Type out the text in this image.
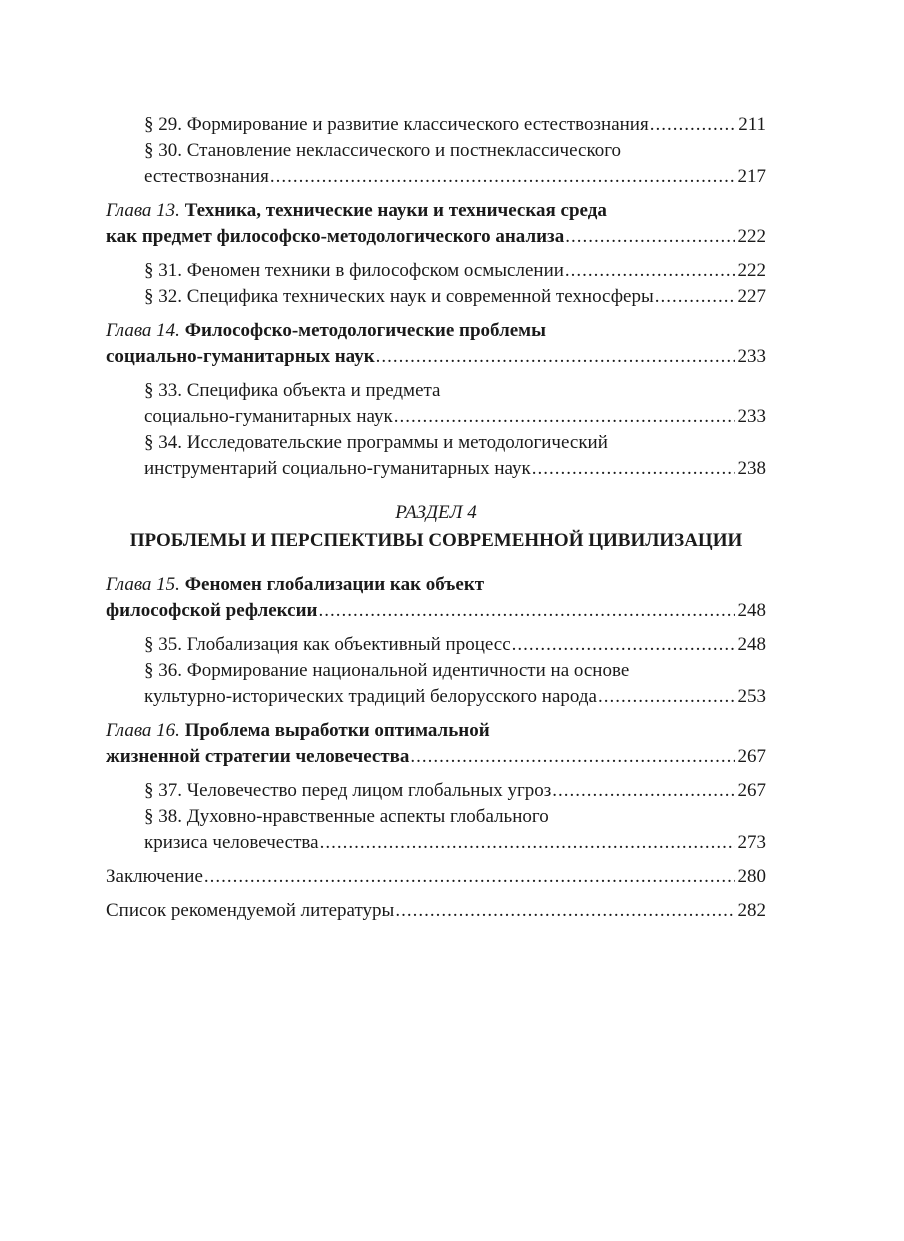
§ 29. Формирование и развитие классического естествознания .....	211
§ 30. Становление неклассического и постнеклассического
естествознания .....	217
Глава 13. Техника, технические науки и техническая среда
как предмет философско-методологического анализа .....	222
§ 31. Феномен техники в философском осмыслении .....	222
§ 32. Специфика технических наук и современной техносферы .....	227
Глава 14. Философско-методологические проблемы
социально-гуманитарных наук .....	233
§ 33. Специфика объекта и предмета
социально-гуманитарных наук .....	233
§ 34. Исследовательские программы и методологический
инструментарий социально-гуманитарных наук .....	238
РАЗДЕЛ 4
ПРОБЛЕМЫ И ПЕРСПЕКТИВЫ СОВРЕМЕННОЙ ЦИВИЛИЗАЦИИ
Глава 15. Феномен глобализации как объект
философской рефлексии .....	248
§ 35. Глобализация как объективный процесс .....	248
§ 36. Формирование национальной идентичности на основе
культурно-исторических традиций белорусского народа .....	253
Глава 16. Проблема выработки оптимальной
жизненной стратегии человечества .....	267
§ 37. Человечество перед лицом глобальных угроз .....	267
§ 38. Духовно-нравственные аспекты глобального
кризиса человечества .....	273
Заключение .....	280
Список рекомендуемой литературы .....	282
